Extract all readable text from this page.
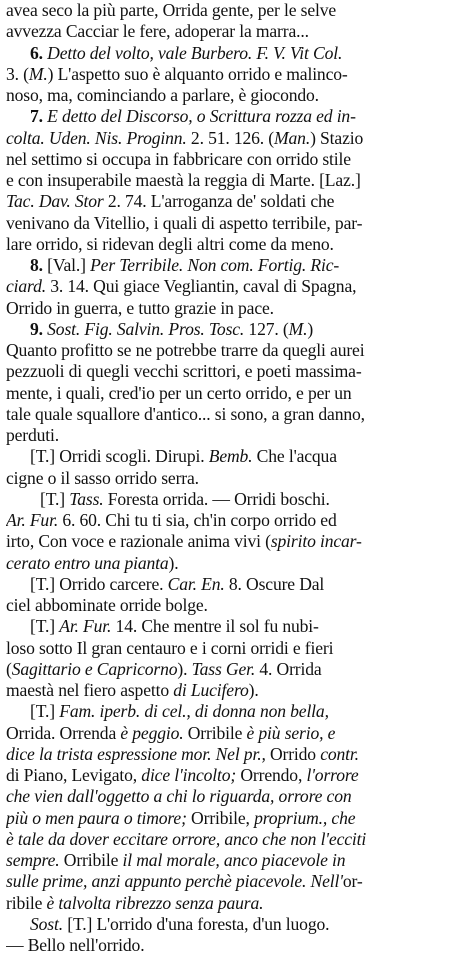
avea seco la più parte, Orrida gente, per le selve
avvezza Cacciar le fere, adoperar la marra...
6. Detto del volto, vale Burbero. F. V. Vit Col.
3. (M.) L'aspetto suo è alquanto orrido e malinco-
noso, ma, cominciando a parlare, è giocondo.
7. E detto del Discorso, o Scrittura rozza ed in-
colta. Uden. Nis. Proginn. 2. 51. 126. (Man.) Stazio
nel settimo si occupa in fabbricare con orrido stile
e con insuperabile maestà la reggia di Marte. [Laz.]
Tac. Dav. Stor 2. 74. L'arroganza de' soldati che
venivano da Vitellio, i quali di aspetto terribile, par-
lare orrido, si ridevan degli altri come da meno.
8. [Val.] Per Terribile. Non com. Fortig. Ric-
ciard. 3. 14. Qui giace Vegliantin, caval di Spagna,
Orrido in guerra, e tutto grazie in pace.
9. Sost. Fig. Salvin. Pros. Tosc. 127. (M.)
Quanto profitto se ne potrebbe trarre da quegli aurei
pezzuoli di quegli vecchi scrittori, e poeti massima-
mente, i quali, cred'io per un certo orrido, e per un
tale quale squallore d'antico... si sono, a gran danno,
perduti.
[T.] Orridi scogli. Dirupi. Bemb. Che l'acqua
cigne o il sasso orrido serra.
[T.] Tass. Foresta orrida. — Orridi boschi.
Ar. Fur. 6. 60. Chi tu ti sia, ch'in corpo orrido ed
irto, Con voce e razionale anima vivi (spirito incar-
cerato entro una pianta).
[T.] Orrido carcere. Car. En. 8. Oscure Dal
ciel abbominate orride bolge.
[T.] Ar. Fur. 14. Che mentre il sol fu nubi-
loso sotto Il gran centauro e i corni orridi e fieri
(Sagittario e Capricorno). Tass Ger. 4. Orrida
maestà nel fiero aspetto di Lucifero).
[T.] Fam. iperb. di cel., di donna non bella,
Orrida. Orrenda è peggio. Orribile è più serio, e
dice la trista espressione mor. Nel pr., Orrido contr.
di Piano, Levigato, dice l'incolto; Orrendo, l'orrore
che vien dall'oggetto a chi lo riguarda, orrore con
più o men paura o timore; Orribile, proprium., che
è tale da dover eccitare orrore, anco che non l'ecciti
sempre. Orribile il mal morale, anco piacevole in
sulle prime, anzi appunto perchè piacevole. Nell'or-
ribile è talvolta ribrezzo senza paura.
Sost. [T.] L'orrido d'una foresta, d'un luogo.
— Bello nell'orrido.
